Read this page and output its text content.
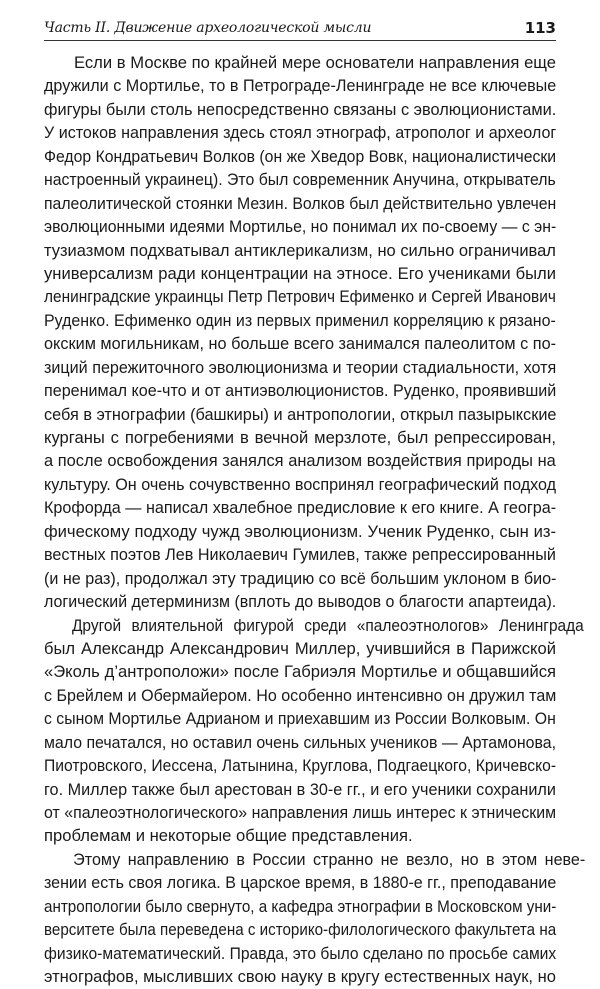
Часть II. Движение археологической мысли	113
Если в Москве по крайней мере основатели направления еще
дружили с Мортилье, то в Петрограде-Ленинграде не все ключевые
фигуры были столь непосредственно связаны с эволюционистами.
У истоков направления здесь стоял этнограф, атрополог и археолог
Федор Кондратьевич Волков (он же Хведор Вовк, националистически
настроенный украинец). Это был современник Анучина, открыватель
палеолитической стоянки Мезин. Волков был действительно увлечен
эволюционными идеями Мортилье, но понимал их по-своему — с эн-
тузиазмом подхватывал антиклерикализм, но сильно ограничивал
универсализм ради концентрации на этносе. Его учениками были
ленинградские украинцы Петр Петрович Ефименко и Сергей Иванович
Руденко. Ефименко один из первых применил корреляцию к рязано-
окским могильникам, но больше всего занимался палеолитом с по-
зиций пережиточного эволюционизма и теории стадиальности, хотя
перенимал кое-что и от антиэволюционистов. Руденко, проявивший
себя в этнографии (башкиры) и антропологии, открыл пазырыкские
курганы с погребениями в вечной мерзлоте, был репрессирован,
а после освобождения занялся анализом воздействия природы на
культуру. Он очень сочувственно воспринял географический подход
Крофорда — написал хвалебное предисловие к его книге. А геогра-
фическому подходу чужд эволюционизм. Ученик Руденко, сын из-
вестных поэтов Лев Николаевич Гумилев, также репрессированный
(и не раз), продолжал эту традицию со всё большим уклоном в био-
логический детерминизм (вплоть до выводов о благости апартеида).
Другой влиятельной фигурой среди «палеоэтнологов» Ленинграда
был Александр Александрович Миллер, учившийся в Парижской
«Эколь д’антроположи» после Габриэля Мортилье и общавшийся
с Брейлем и Обермайером. Но особенно интенсивно он дружил там
с сыном Мортилье Адрианом и приехавшим из России Волковым. Он
мало печатался, но оставил очень сильных учеников — Артамонова,
Пиотровского, Иессена, Латынина, Круглова, Подгаецкого, Кричевско-
го. Миллер также был арестован в 30-е гг., и его ученики сохранили
от «палеоэтнологического» направления лишь интерес к этническим
проблемам и некоторые общие представления.
Этому направлению в России странно не везло, но в этом неве-
зении есть своя логика. В царское время, в 1880-е гг., преподавание
антропологии было свернуто, а кафедра этнографии в Московском уни-
верситете была переведена с историко-филологического факультета на
физико-математический. Правда, это было сделано по просьбе самих
этнографов, мысливших свою науку в кругу естественных наук, но
